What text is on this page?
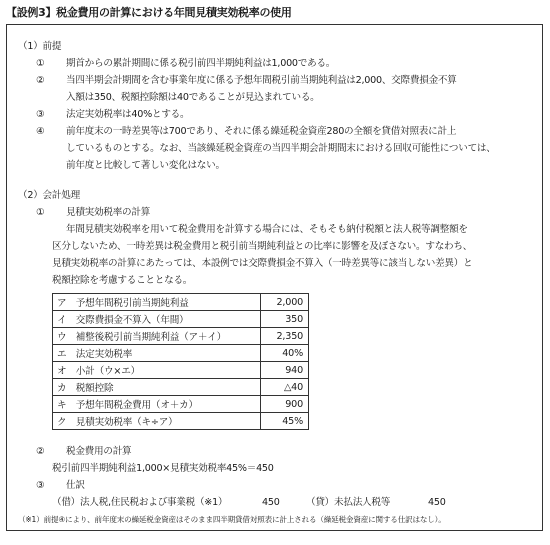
【設例3】税金費用の計算における年間見積実効税率の使用
（1）前提
① 期首からの累計期間に係る税引前四半期純利益は1,000である。
② 当四半期会計期間を含む事業年度に係る予想年間税引前当期純利益は2,000、交際費損金不算
入額は350、税額控除額は40であることが見込まれている。
③ 法定実効税率は40%とする。
④ 前年度末の一時差異等は700であり、それに係る繰延税金資産280の全額を貸借対照表に計上
しているものとする。なお、当該繰延税金資産の当四半期会計期間末における回収可能性については、
前年度と比較して著しい変化はない。
（2）会計処理
① 見積実効税率の計算
年間見積実効税率を用いて税金費用を計算する場合には、そもそも納付税額と法人税等調整額を
区分しないため、一時差異は税金費用と税引前当期純利益との比率に影響を及ぼさない。すなわち、
見積実効税率の計算にあたっては、本設例では交際費損金不算入（一時差異等に該当しない差異）と
税額控除を考慮することとなる。
ア　予想年間税引前当期純利益	2,000
イ　交際費損金不算入（年間）	350
ウ　補整後税引前当期純利益（ア＋イ）	2,350
エ　法定実効税率	40%
オ　小計（ウ×エ）	940
カ　税額控除	△40
キ　予想年間税金費用（オ＋カ）	900
ク　見積実効税率（キ÷ア）	45%
② 税金費用の計算
税引前四半期純利益1,000×見積実効税率45%＝450
③ 仕訳
（借）法人税,住民税および事業税（※1）	450	（貸）未払法人税等	450
（※1）前提④により、前年度末の繰延税金資産はそのまま四半期貸借対照表に計上される（繰延税金資産に関する仕訳はなし）。
